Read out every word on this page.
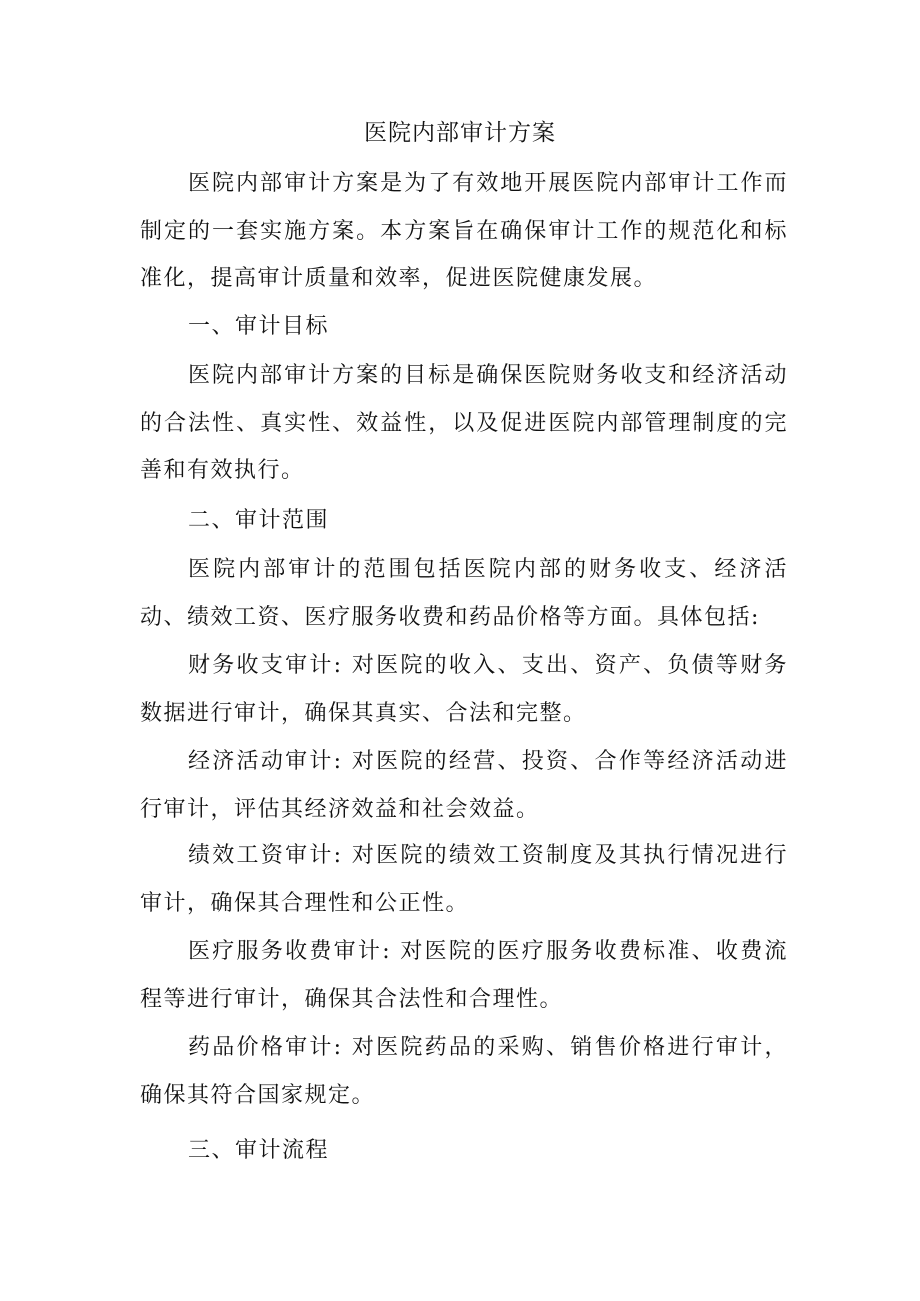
医院内部审计方案

医院内部审计方案是为了有效地开展医院内部审计工作而制定的一套实施方案。本方案旨在确保审计工作的规范化和标准化，提高审计质量和效率，促进医院健康发展。

一、审计目标

医院内部审计方案的目标是确保医院财务收支和经济活动的合法性、真实性、效益性，以及促进医院内部管理制度的完善和有效执行。

二、审计范围

医院内部审计的范围包括医院内部的财务收支、经济活动、绩效工资、医疗服务收费和药品价格等方面。具体包括:

财务收支审计: 对医院的收入、支出、资产、负债等财务数据进行审计，确保其真实、合法和完整。

经济活动审计: 对医院的经营、投资、合作等经济活动进行审计，评估其经济效益和社会效益。

绩效工资审计: 对医院的绩效工资制度及其执行情况进行审计，确保其合理性和公正性。

医疗服务收费审计: 对医院的医疗服务收费标准、收费流程等进行审计，确保其合法性和合理性。

药品价格审计: 对医院药品的采购、销售价格进行审计，确保其符合国家规定。

三、审计流程
